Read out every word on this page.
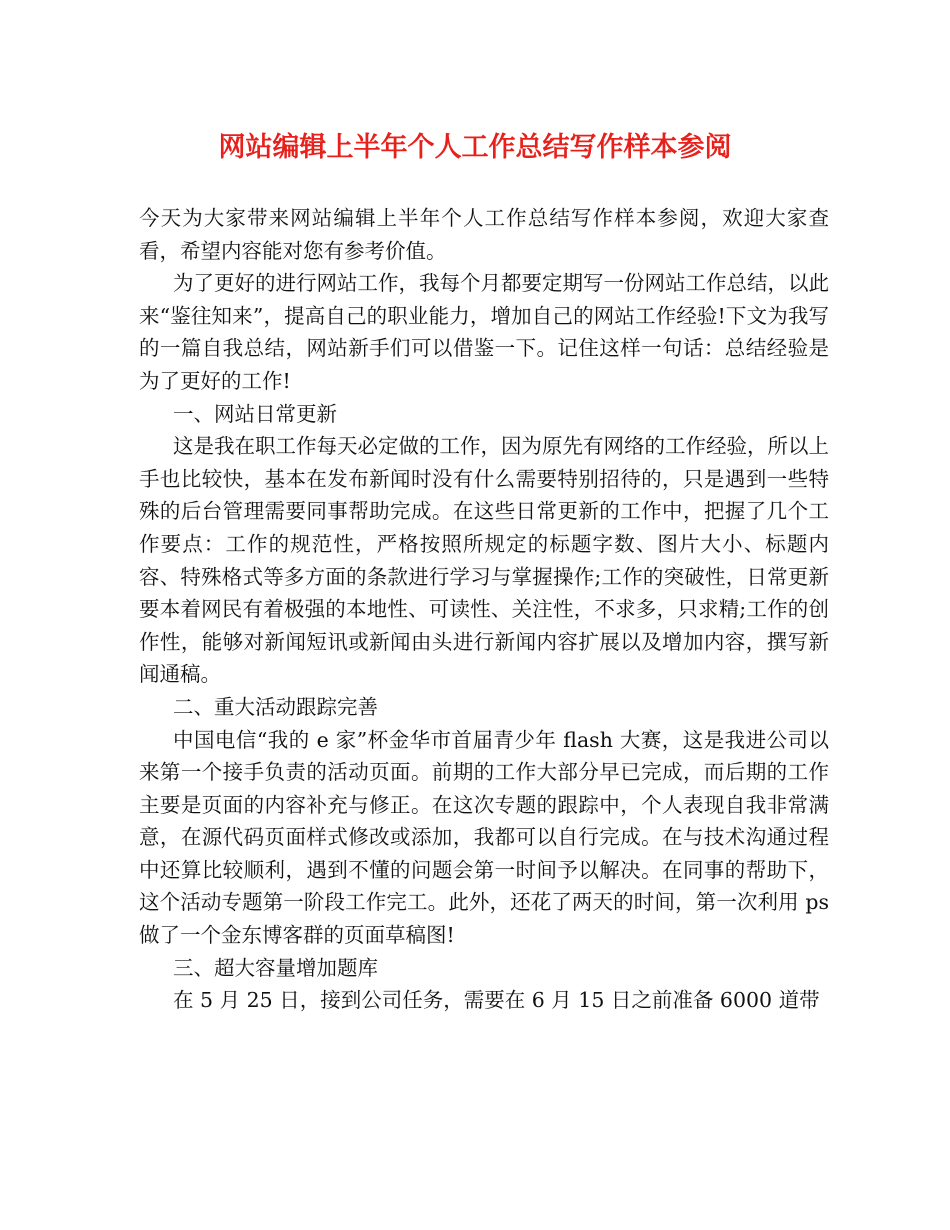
网站编辑上半年个人工作总结写作样本参阅

今天为大家带来网站编辑上半年个人工作总结写作样本参阅，欢迎大家查看，希望内容能对您有参考价值。

为了更好的进行网站工作，我每个月都要定期写一份网站工作总结，以此来“鉴往知来”，提高自己的职业能力，增加自己的网站工作经验!下文为我写的一篇自我总结，网站新手们可以借鉴一下。记住这样一句话：总结经验是为了更好的工作!

一、网站日常更新

这是我在职工作每天必定做的工作，因为原先有网络的工作经验，所以上手也比较快，基本在发布新闻时没有什么需要特别招待的，只是遇到一些特殊的后台管理需要同事帮助完成。在这些日常更新的工作中，把握了几个工作要点：工作的规范性，严格按照所规定的标题字数、图片大小、标题内容、特殊格式等多方面的条款进行学习与掌握操作;工作的突破性，日常更新要本着网民有着极强的本地性、可读性、关注性，不求多，只求精;工作的创作性，能够对新闻短讯或新闻由头进行新闻内容扩展以及增加内容，撰写新闻通稿。

二、重大活动跟踪完善

中国电信“我的 e 家”杯金华市首届青少年 flash 大赛，这是我进公司以来第一个接手负责的活动页面。前期的工作大部分早已完成，而后期的工作主要是页面的内容补充与修正。在这次专题的跟踪中，个人表现自我非常满意，在源代码页面样式修改或添加，我都可以自行完成。在与技术沟通过程中还算比较顺利，遇到不懂的问题会第一时间予以解决。在同事的帮助下，这个活动专题第一阶段工作完工。此外，还花了两天的时间，第一次利用 ps 做了一个金东博客群的页面草稿图!

三、超大容量增加题库

在 5 月 25 日，接到公司任务，需要在 6 月 15 日之前准备 6000 道带
